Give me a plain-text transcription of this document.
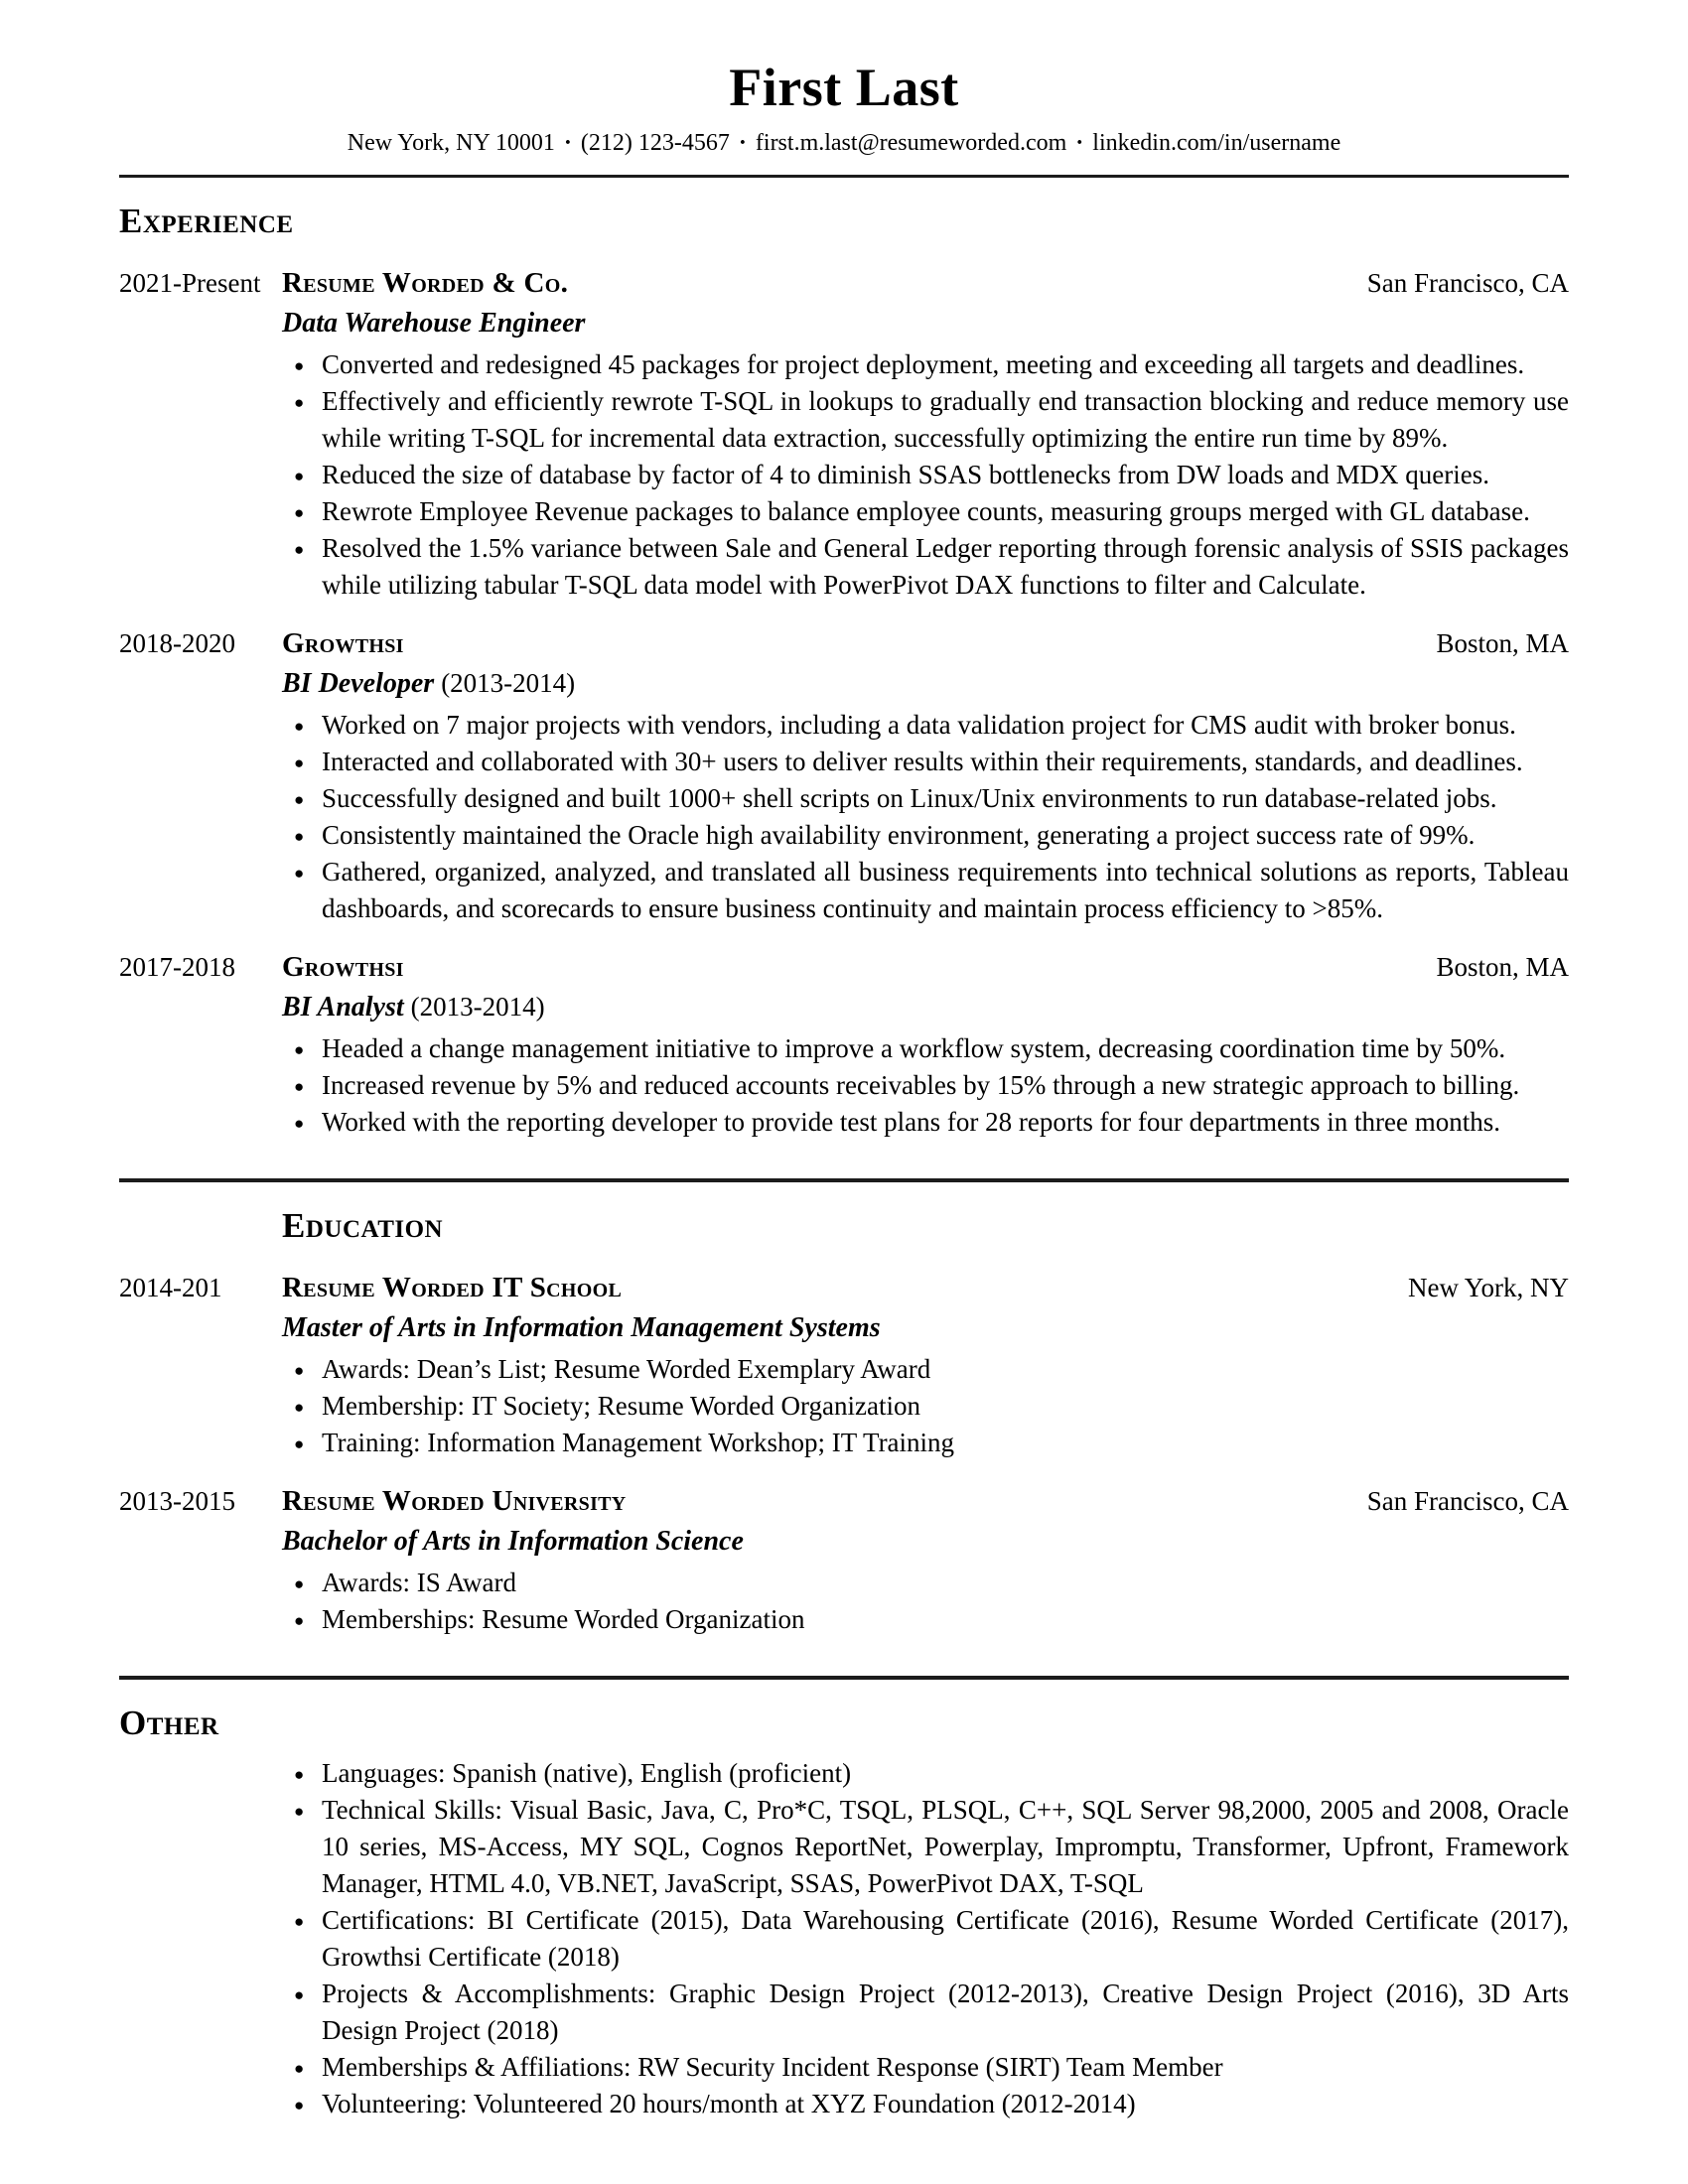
First Last
New York, NY 10001 · (212) 123-4567 · first.m.last@resumeworded.com · linkedin.com/in/username
Experience
2021-Present Resume Worded & Co.	San Francisco, CA
Data Warehouse Engineer
● Converted and redesigned 45 packages for project deployment, meeting and exceeding all targets and deadlines.
● Effectively and efficiently rewrote T-SQL in lookups to gradually end transaction blocking and reduce memory use while writing T-SQL for incremental data extraction, successfully optimizing the entire run time by 89%.
● Reduced the size of database by factor of 4 to diminish SSAS bottlenecks from DW loads and MDX queries.
● Rewrote Employee Revenue packages to balance employee counts, measuring groups merged with GL database.
● Resolved the 1.5% variance between Sale and General Ledger reporting through forensic analysis of SSIS packages while utilizing tabular T-SQL data model with PowerPivot DAX functions to filter and Calculate.
2018-2020	Growthsi	Boston, MA
BI Developer (2013-2014)
● Worked on 7 major projects with vendors, including a data validation project for CMS audit with broker bonus.
● Interacted and collaborated with 30+ users to deliver results within their requirements, standards, and deadlines.
● Successfully designed and built 1000+ shell scripts on Linux/Unix environments to run database-related jobs.
● Consistently maintained the Oracle high availability environment, generating a project success rate of 99%.
● Gathered, organized, analyzed, and translated all business requirements into technical solutions as reports, Tableau dashboards, and scorecards to ensure business continuity and maintain process efficiency to >85%.
2017-2018	Growthsi	Boston, MA
BI Analyst (2013-2014)
● Headed a change management initiative to improve a workflow system, decreasing coordination time by 50%.
● Increased revenue by 5% and reduced accounts receivables by 15% through a new strategic approach to billing.
● Worked with the reporting developer to provide test plans for 28 reports for four departments in three months.
Education
2014-201	Resume Worded IT School	New York, NY
Master of Arts in Information Management Systems
● Awards: Dean’s List; Resume Worded Exemplary Award
● Membership: IT Society; Resume Worded Organization
● Training: Information Management Workshop; IT Training
2013-2015	Resume Worded University	San Francisco, CA
Bachelor of Arts in Information Science
● Awards: IS Award
● Memberships: Resume Worded Organization
Other
● Languages: Spanish (native), English (proficient)
● Technical Skills: Visual Basic, Java, C, Pro*C, TSQL, PLSQL, C++, SQL Server 98,2000, 2005 and 2008, Oracle 10 series, MS-Access, MY SQL, Cognos ReportNet, Powerplay, Impromptu, Transformer, Upfront, Framework Manager, HTML 4.0, VB.NET, JavaScript, SSAS, PowerPivot DAX, T-SQL
● Certifications: BI Certificate (2015), Data Warehousing Certificate (2016), Resume Worded Certificate (2017), Growthsi Certificate (2018)
● Projects & Accomplishments: Graphic Design Project (2012-2013), Creative Design Project (2016), 3D Arts Design Project (2018)
● Memberships & Affiliations: RW Security Incident Response (SIRT) Team Member
● Volunteering: Volunteered 20 hours/month at XYZ Foundation (2012-2014)
